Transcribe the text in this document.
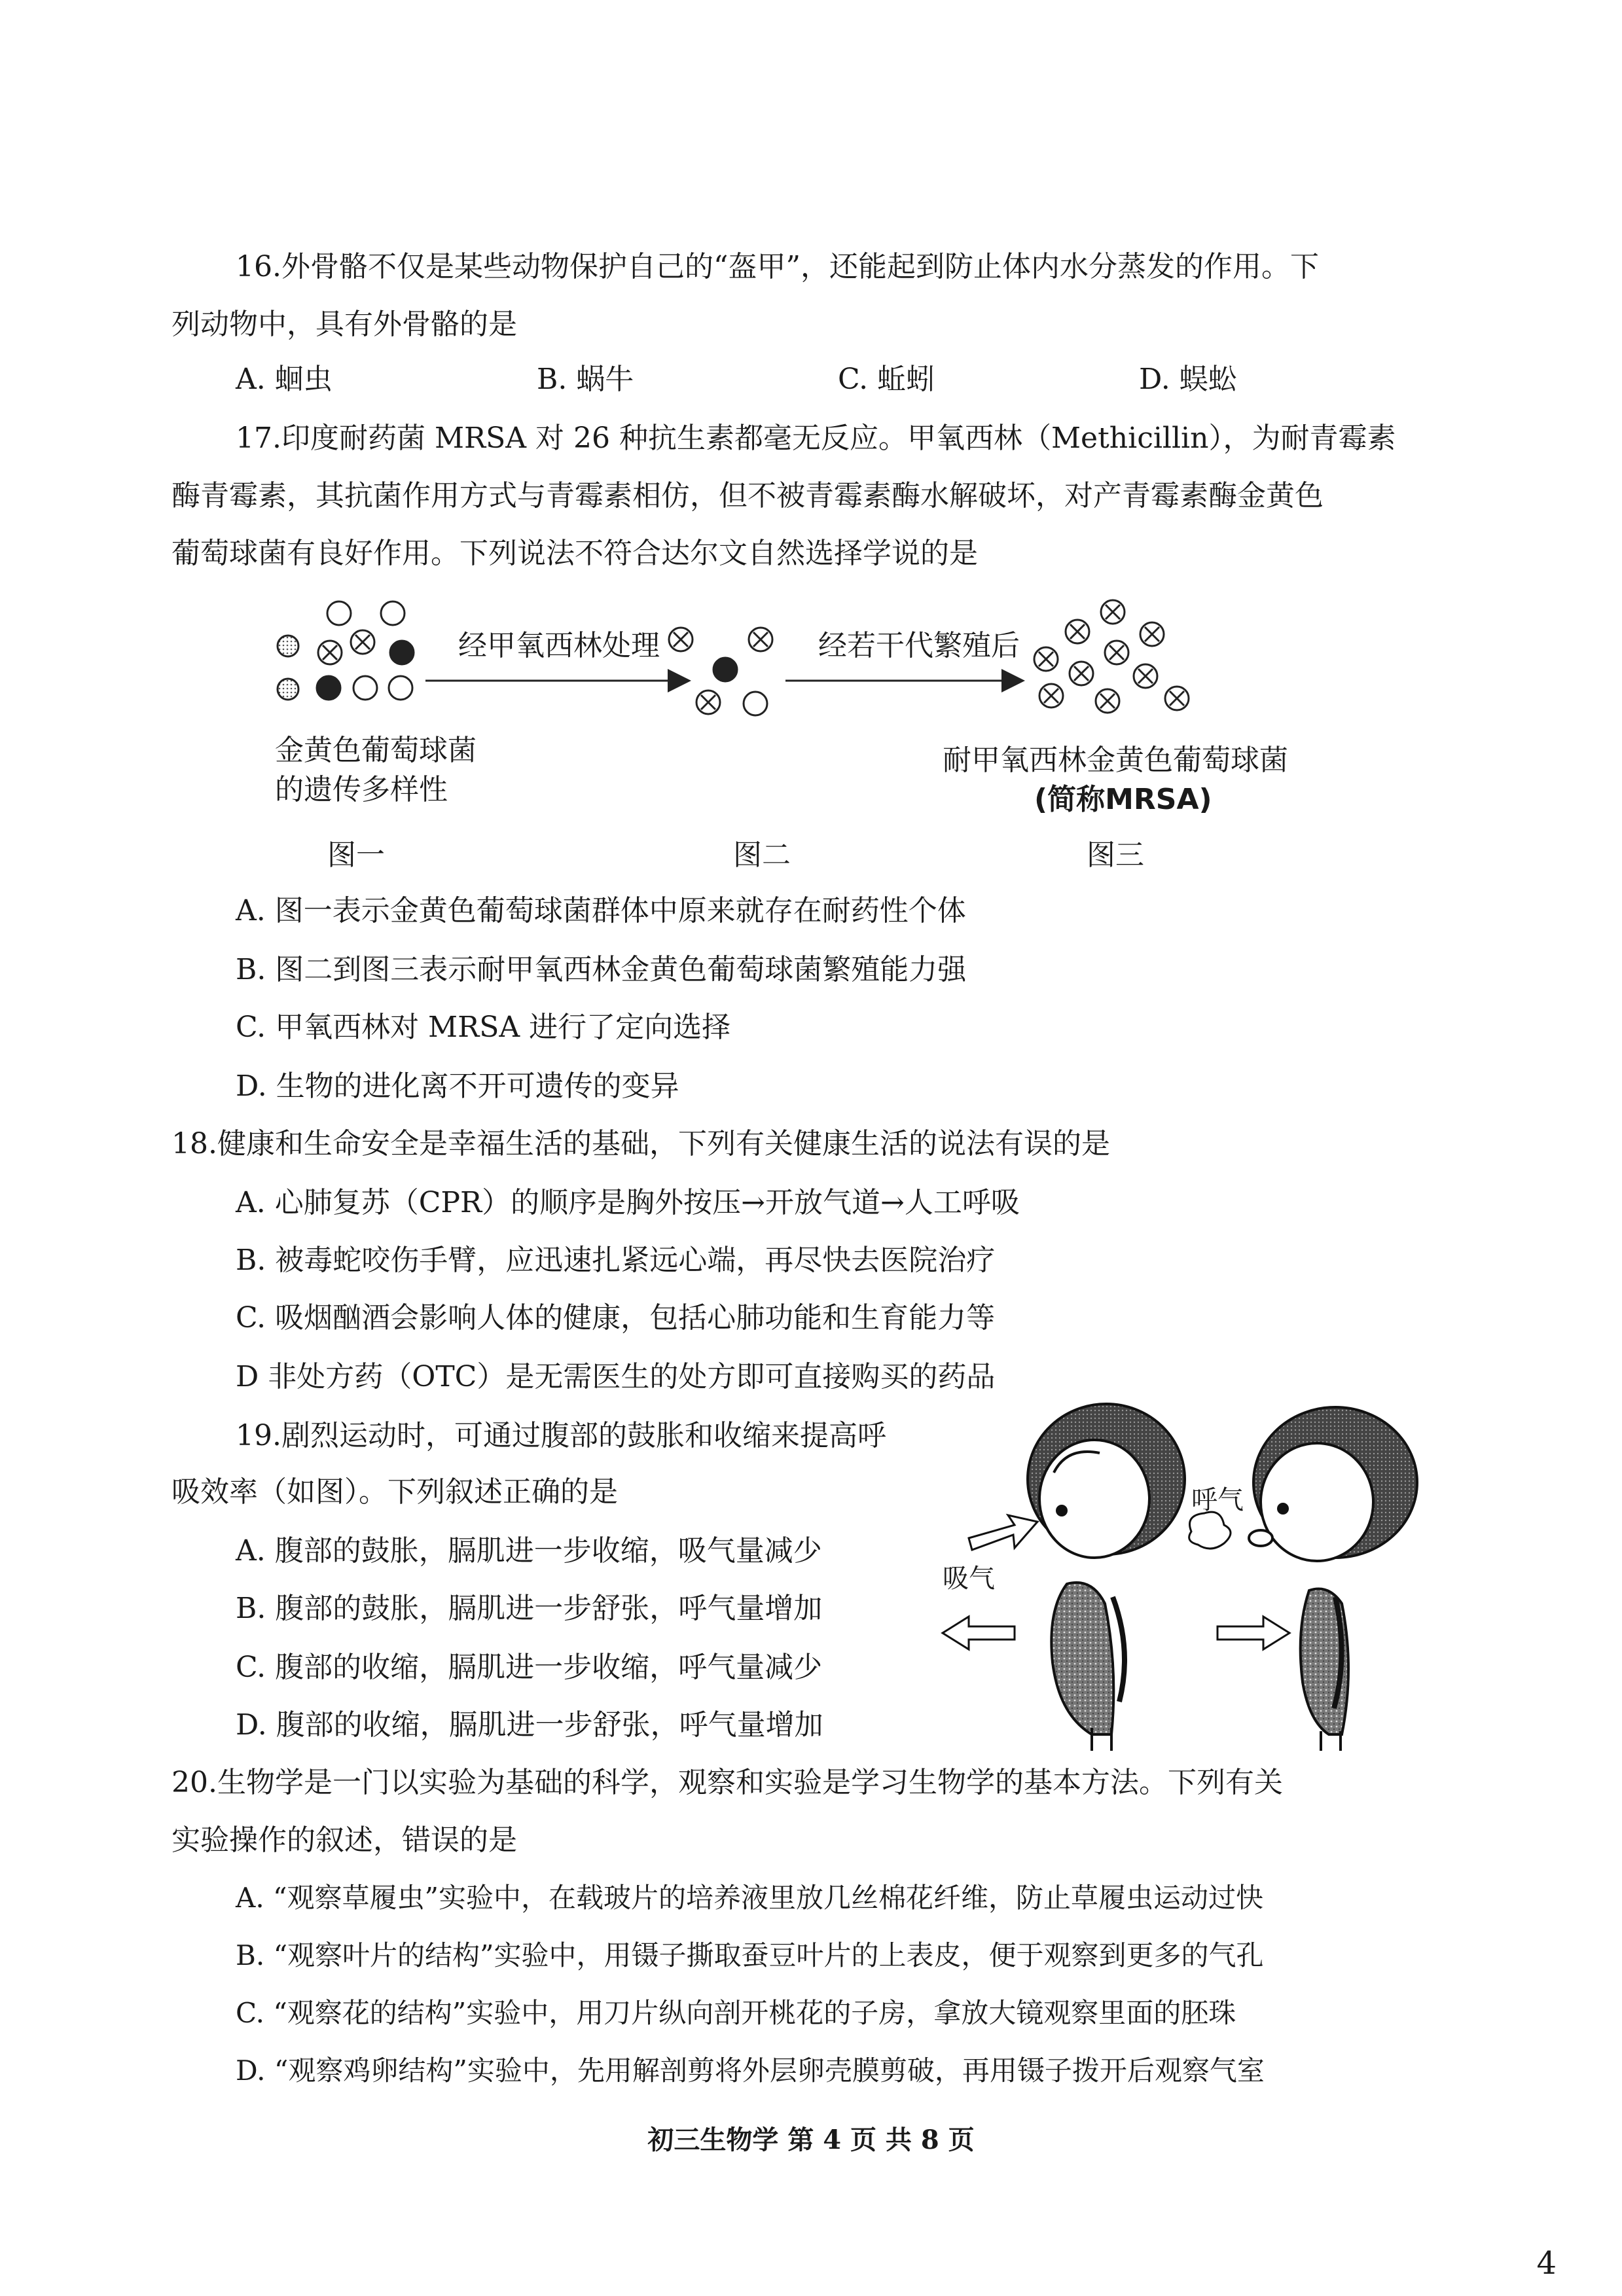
16.外骨骼不仅是某些动物保护自己的“盔甲”，还能起到防止体内水分蒸发的作用。下
列动物中，具有外骨骼的是
A. 蛔虫	B. 蜗牛	C. 蚯蚓	D. 蜈蚣
17.印度耐药菌 MRSA 对 26 种抗生素都毫无反应。甲氧西林（Methicillin），为耐青霉素
酶青霉素，其抗菌作用方式与青霉素相仿，但不被青霉素酶水解破坏，对产青霉素酶金黄色
葡萄球菌有良好作用。下列说法不符合达尔文自然选择学说的是
经甲氧西林处理	经若干代繁殖后
金黄色葡萄球菌
的遗传多样性
耐甲氧西林金黄色葡萄球菌
(简称MRSA)
图一	图二	图三
A. 图一表示金黄色葡萄球菌群体中原来就存在耐药性个体
B. 图二到图三表示耐甲氧西林金黄色葡萄球菌繁殖能力强
C. 甲氧西林对 MRSA 进行了定向选择
D. 生物的进化离不开可遗传的变异
18.健康和生命安全是幸福生活的基础，下列有关健康生活的说法有误的是
A. 心肺复苏（CPR）的顺序是胸外按压→开放气道→人工呼吸
B. 被毒蛇咬伤手臂，应迅速扎紧远心端，再尽快去医院治疗
C. 吸烟酗酒会影响人体的健康，包括心肺功能和生育能力等
D 非处方药（OTC）是无需医生的处方即可直接购买的药品
19.剧烈运动时，可通过腹部的鼓胀和收缩来提高呼
吸效率（如图）。下列叙述正确的是
A. 腹部的鼓胀，膈肌进一步收缩，吸气量减少
B. 腹部的鼓胀，膈肌进一步舒张，呼气量增加
C. 腹部的收缩，膈肌进一步收缩，呼气量减少
D. 腹部的收缩，膈肌进一步舒张，呼气量增加
吸气
呼气
20.生物学是一门以实验为基础的科学，观察和实验是学习生物学的基本方法。下列有关
实验操作的叙述，错误的是
A. “观察草履虫”实验中，在载玻片的培养液里放几丝棉花纤维，防止草履虫运动过快
B. “观察叶片的结构”实验中，用镊子撕取蚕豆叶片的上表皮，便于观察到更多的气孔
C. “观察花的结构”实验中，用刀片纵向剖开桃花的子房，拿放大镜观察里面的胚珠
D. “观察鸡卵结构”实验中，先用解剖剪将外层卵壳膜剪破，再用镊子拨开后观察气室
初三生物学 第 4 页 共 8 页
4
